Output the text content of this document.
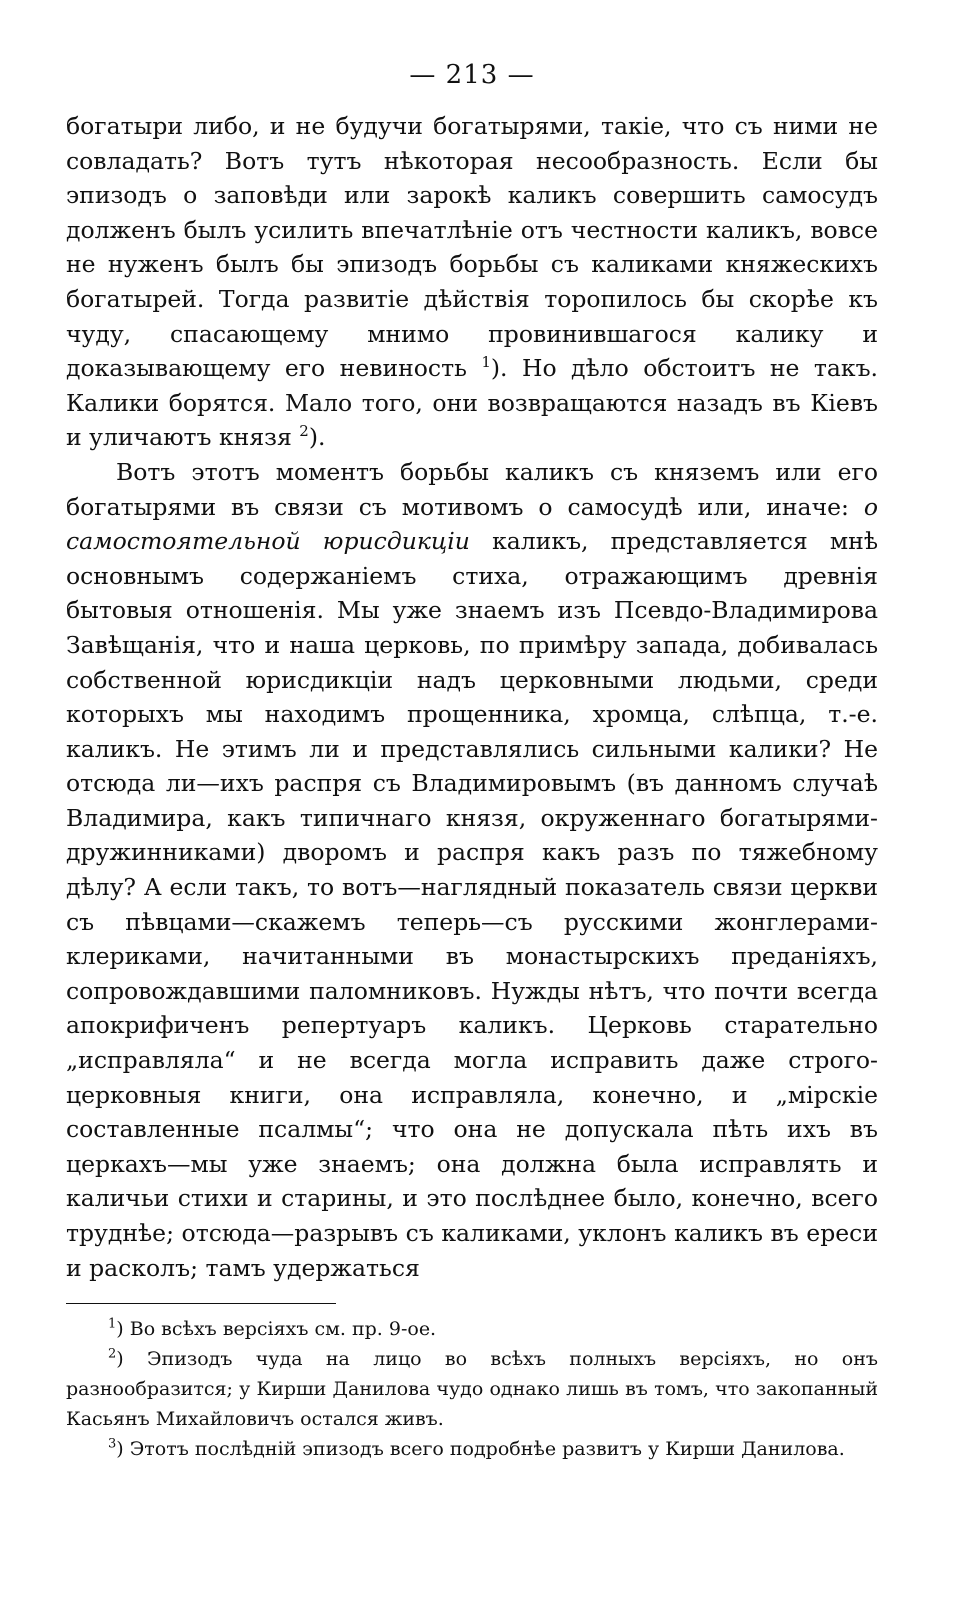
— 213 —

богатыри либо, и не будучи богатырями, такіе, что съ ними не совладать? Вотъ тутъ нѣкоторая несообразность. Если бы эпизодъ о заповѣди или зарокѣ каликъ совершить самосудъ долженъ былъ усилить впечатлѣніе отъ честности каликъ, вовсе не нуженъ былъ бы эпизодъ борьбы съ каликами княжескихъ богатырей. Тогда развитіе дѣйствія торопилось бы скорѣе къ чуду, спасающему мнимо провинившагося калику и доказывающему его невиность $^1$). Но дѣло обстоитъ не такъ. Калики борятся. Мало того, они возвращаются назадъ въ Кіевъ и уличаютъ князя $^2$).

Вотъ этотъ моментъ борьбы каликъ съ княземъ или его богатырями въ связи съ мотивомъ о самосудѣ или, иначе: о самостоятельной юрисдикціи каликъ, представляется мнѣ основнымъ содержаніемъ стиха, отражающимъ древнія бытовыя отношенія. Мы уже знаемъ изъ Псевдо-Владимирова Завѣщанія, что и наша церковь, по примѣру запада, добивалась собственной юрисдикціи надъ церковными людьми, среди которыхъ мы находимъ прощенника, хромца, слѣпца, т.-е. каликъ. Не этимъ ли и представлялись сильными калики? Не отсюда ли—ихъ распря съ Владимировымъ (въ данномъ случаѣ Владимира, какъ типичнаго князя, окруженнаго богатырями-дружинниками) дворомъ и распря какъ разъ по тяжебному дѣлу? А если такъ, то вотъ—наглядный показатель связи церкви съ пѣвцами—скажемъ теперь—съ русскими жонглерами-клериками, начитанными въ монастырскихъ преданіяхъ, сопровождавшими паломниковъ. Нужды нѣтъ, что почти всегда апокрифиченъ репертуаръ каликъ. Церковь старательно „исправляла“ и не всегда могла исправить даже строго-церковныя книги, она исправляла, конечно, и „мірскіе составленные псалмы“; что она не допускала пѣть ихъ въ церкахъ—мы уже знаемъ; она должна была исправлять и каличьи стихи и старины, и это послѣднее было, конечно, всего труднѣе; отсюда—разрывъ съ каликами, уклонъ каликъ въ ереси и расколъ; тамъ удержаться

$^1$) Во всѣхъ версіяхъ см. пр. 9-ое.

$^2$) Эпизодъ чуда на лицо во всѣхъ полныхъ версіяхъ, но онъ разнообразится; у Кирши Данилова чудо однако лишь въ томъ, что закопанный Касьянъ Михайловичъ остался живъ.

$^3$) Этотъ послѣдній эпизодъ всего подробнѣе развитъ у Кирши Данилова.
